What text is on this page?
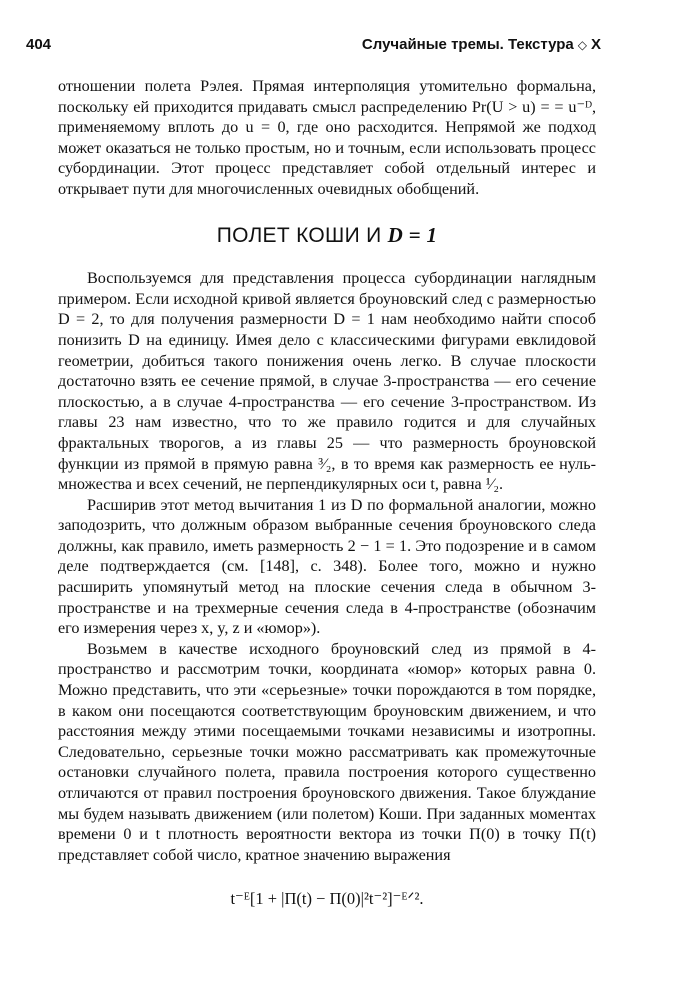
404	Случайные тремы. Текстура ◇ X

отношении полета Рэлея. Прямая интерполяция утомительно формальна, поскольку ей приходится придавать смысл распределению Pr(U > u) = = u⁻ᴰ, применяемому вплоть до u = 0, где оно расходится. Непрямой же подход может оказаться не только простым, но и точным, если использовать процесс субординации. Этот процесс представляет собой отдельный интерес и открывает пути для многочисленных очевидных обобщений.

ПОЛЕТ КОШИ И D = 1

Воспользуемся для представления процесса субординации наглядным примером. Если исходной кривой является броуновский след с размерностью D = 2, то для получения размерности D = 1 нам необходимо найти способ понизить D на единицу. Имея дело с классическими фигурами евклидовой геометрии, добиться такого понижения очень легко. В случае плоскости достаточно взять ее сечение прямой, в случае 3-пространства — его сечение плоскостью, а в случае 4-пространства — его сечение 3-пространством. Из главы 23 нам известно, что то же правило годится и для случайных фрактальных творогов, а из главы 25 — что размерность броуновской функции из прямой в прямую равна ³⁄₂, в то время как размерность ее нуль-множества и всех сечений, не перпендикулярных оси t, равна ¹⁄₂.

Расширив этот метод вычитания 1 из D по формальной аналогии, можно заподозрить, что должным образом выбранные сечения броуновского следа должны, как правило, иметь размерность 2 − 1 = 1. Это подозрение и в самом деле подтверждается (см. [148], с. 348). Более того, можно и нужно расширить упомянутый метод на плоские сечения следа в обычном 3-пространстве и на трехмерные сечения следа в 4-пространстве (обозначим его измерения через x, y, z и «юмор»).

Возьмем в качестве исходного броуновский след из прямой в 4-пространство и рассмотрим точки, координата «юмор» которых равна 0. Можно представить, что эти «серьезные» точки порождаются в том порядке, в каком они посещаются соответствующим броуновским движением, и что расстояния между этими посещаемыми точками независимы и изотропны. Следовательно, серьезные точки можно рассматривать как промежуточные остановки случайного полета, правила построения которого существенно отличаются от правил построения броуновского движения. Такое блуждание мы будем называть движением (или полетом) Коши. При заданных моментах времени 0 и t плотность вероятности вектора из точки Π(0) в точку Π(t) представляет собой число, кратное значению выражения

t⁻ᴱ[1 + |Π(t) − Π(0)|²t⁻²]⁻ᴱᐟ².
